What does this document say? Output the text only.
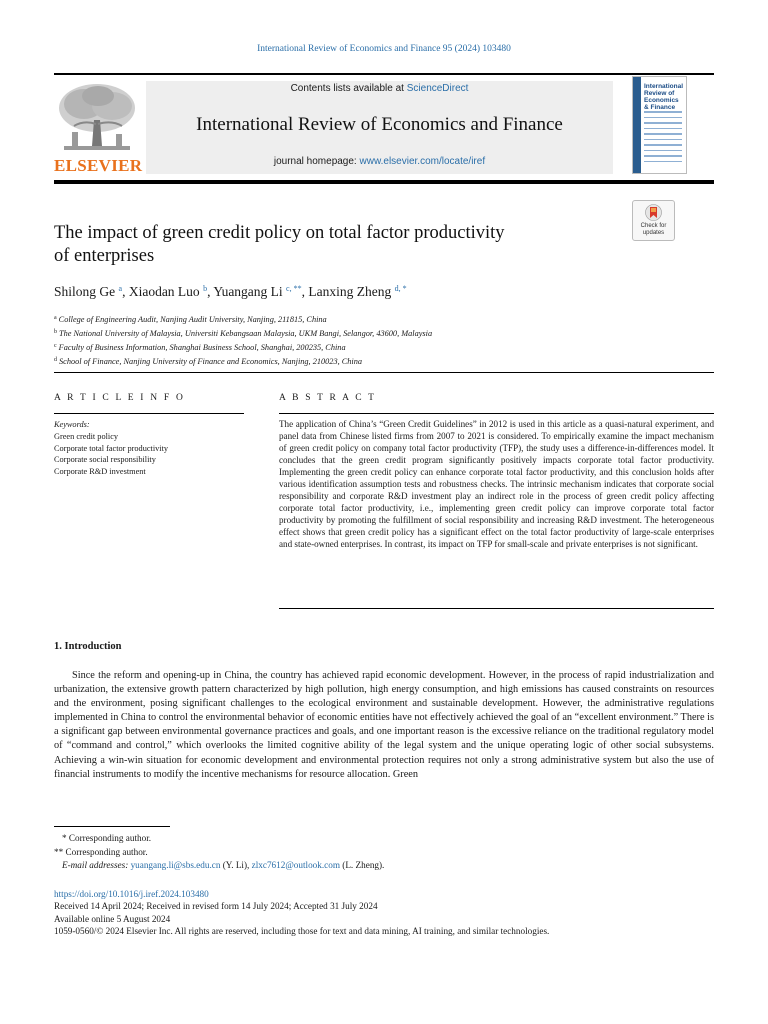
International Review of Economics and Finance 95 (2024) 103480
ELSEVIER
Contents lists available at ScienceDirect
International Review of Economics and Finance
journal homepage: www.elsevier.com/locate/iref
International Review of Economics & Finance
Check for
updates
The impact of green credit policy on total factor productivity
of enterprises
Shilong Ge $^a$, Xiaodan Luo $^b$, Yuangang Li $^{c, **}$, Lanxing Zheng $^{d, *}$
$^a$ College of Engineering Audit, Nanjing Audit University, Nanjing, 211815, China
$^b$ The National University of Malaysia, Universiti Kebangsaan Malaysia, UKM Bangi, Selangor, 43600, Malaysia
$^c$ Faculty of Business Information, Shanghai Business School, Shanghai, 200235, China
$^d$ School of Finance, Nanjing University of Finance and Economics, Nanjing, 210023, China
A R T I C L E I N F O	A B S T R A C T
Keywords:
Green credit policy
Corporate total factor productivity
Corporate social responsibility
Corporate R&D investment
The application of China’s “Green Credit Guidelines” in 2012 is used in this article as a quasi-natural experiment, and panel data from Chinese listed firms from 2007 to 2021 is considered. To empirically examine the impact mechanism of green credit policy on company total factor productivity (TFP), the study uses a difference-in-differences model. It concludes that the green credit program significantly positively impacts corporate total factor productivity. Implementing the green credit policy can enhance corporate total factor productivity, and this conclusion holds after various identification assumption tests and robustness checks. The intrinsic mechanism indicates that corporate social responsibility and corporate R&D investment play an indirect role in the process of green credit policy affecting corporate total factor productivity, i.e., implementing green credit policy can improve corporate total factor productivity by promoting the fulfillment of social responsibility and increasing R&D investment. The heterogeneous effect shows that green credit policy has a significant effect on the total factor productivity of large-scale enterprises and state-owned enterprises. In contrast, its impact on TFP for small-scale and private enterprises is not significant.
1. Introduction

Since the reform and opening-up in China, the country has achieved rapid economic development. However, in the process of rapid industrialization and urbanization, the extensive growth pattern characterized by high pollution, high energy consumption, and high emissions has caused constraints on resources and the environment, posing significant challenges to the ecological environment and sustainable development. However, the administrative regulations implemented in China to control the environmental behavior of economic entities have not effectively achieved the goal of an “excellent environment.” There is a significant gap between environmental governance practices and goals, and one important reason is the excessive reliance on the traditional regulatory model of “command and control,” which overlooks the limited cognitive ability of the legal system and the unique operating logic of other social subsystems. Achieving a win-win situation for economic development and environmental protection requires not only a strong administrative system but also the use of financial instruments to modify the incentive mechanisms for resource allocation. Green

* Corresponding author.
** Corresponding author.
E-mail addresses: yuangang.li@sbs.edu.cn (Y. Li), zlxc7612@outlook.com (L. Zheng).
https://doi.org/10.1016/j.iref.2024.103480
Received 14 April 2024; Received in revised form 14 July 2024; Accepted 31 July 2024
Available online 5 August 2024
1059-0560/© 2024 Elsevier Inc. All rights are reserved, including those for text and data mining, AI training, and similar technologies.
